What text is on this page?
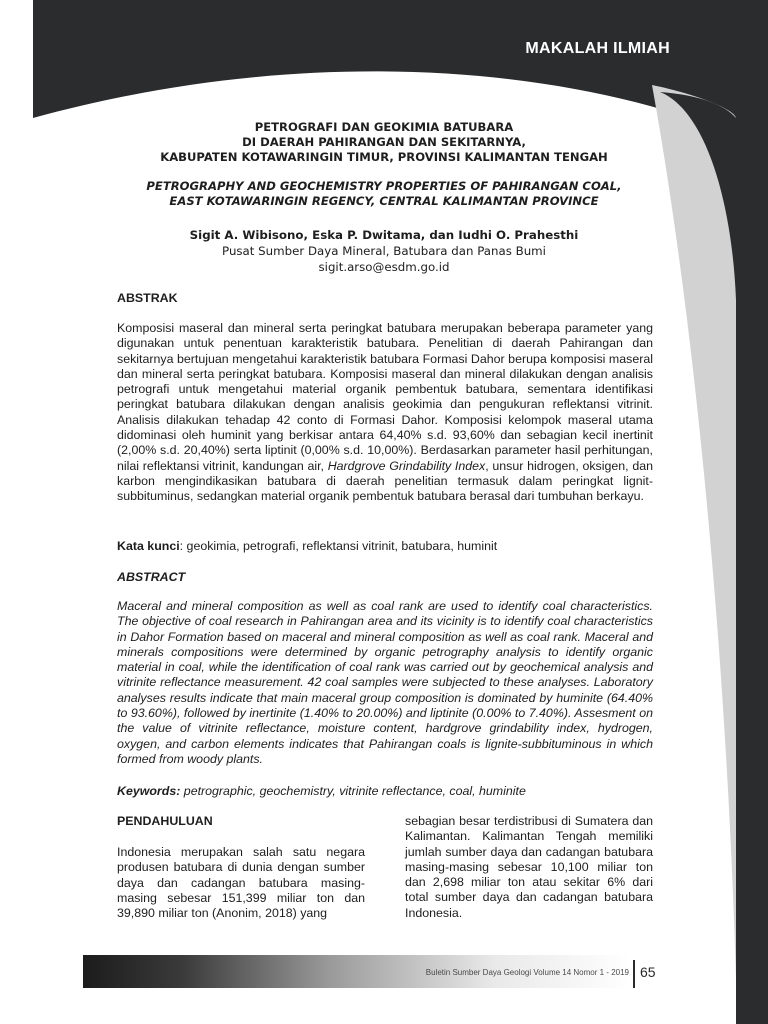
MAKALAH ILMIAH

PETROGRAFI DAN GEOKIMIA BATUBARA
DI DAERAH PAHIRANGAN DAN SEKITARNYA,
KABUPATEN KOTAWARINGIN TIMUR, PROVINSI KALIMANTAN TENGAH

PETROGRAPHY AND GEOCHEMISTRY PROPERTIES OF PAHIRANGAN COAL,
EAST KOTAWARINGIN REGENCY, CENTRAL KALIMANTAN PROVINCE

Sigit A. Wibisono, Eska P. Dwitama, dan Iudhi O. Prahesthi
Pusat Sumber Daya Mineral, Batubara dan Panas Bumi
sigit.arso@esdm.go.id

ABSTRAK

Komposisi maseral dan mineral serta peringkat batubara merupakan beberapa parameter yang digunakan untuk penentuan karakteristik batubara. Penelitian di daerah Pahirangan dan sekitarnya bertujuan mengetahui karakteristik batubara Formasi Dahor berupa komposisi maseral dan mineral serta peringkat batubara. Komposisi maseral dan mineral dilakukan dengan analisis petrografi untuk mengetahui material organik pembentuk batubara, sementara identifikasi peringkat batubara dilakukan dengan analisis geokimia dan pengukuran reflektansi vitrinit. Analisis dilakukan tehadap 42 conto di Formasi Dahor. Komposisi kelompok maseral utama didominasi oleh huminit yang berkisar antara 64,40% s.d. 93,60% dan sebagian kecil inertinit (2,00% s.d. 20,40%) serta liptinit (0,00% s.d. 10,00%). Berdasarkan parameter hasil perhitungan, nilai reflektansi vitrinit, kandungan air, Hardgrove Grindability Index, unsur hidrogen, oksigen, dan karbon mengindikasikan batubara di daerah penelitian termasuk dalam peringkat lignit-subbituminus, sedangkan material organik pembentuk batubara berasal dari tumbuhan berkayu.

Kata kunci: geokimia, petrografi, reflektansi vitrinit, batubara, huminit

ABSTRACT

Maceral and mineral composition as well as coal rank are used to identify coal characteristics. The objective of coal research in Pahirangan area and its vicinity is to identify coal characteristics in Dahor Formation based on maceral and mineral composition as well as coal rank. Maceral and minerals compositions were determined by organic petrography analysis to identify organic material in coal, while the identification of coal rank was carried out by geochemical analysis and vitrinite reflectance measurement. 42 coal samples were subjected to these analyses. Laboratory analyses results indicate that main maceral group composition is dominated by huminite (64.40% to 93.60%), followed by inertinite (1.40% to 20.00%) and liptinite (0.00% to 7.40%). Assesment on the value of vitrinite reflectance, moisture content, hardgrove grindability index, hydrogen, oxygen, and carbon elements indicates that Pahirangan coals is lignite-subbituminous in which formed from woody plants.

Keywords: petrographic, geochemistry, vitrinite reflectance, coal, huminite

PENDAHULUAN

Indonesia merupakan salah satu negara produsen batubara di dunia dengan sumber daya dan cadangan batubara masing-masing sebesar 151,399 miliar ton dan 39,890 miliar ton (Anonim, 2018) yang

sebagian besar terdistribusi di Sumatera dan Kalimantan. Kalimantan Tengah memiliki jumlah sumber daya dan cadangan batubara masing-masing sebesar 10,100 miliar ton dan 2,698 miliar ton atau sekitar 6% dari total sumber daya dan cadangan batubara Indonesia.

Buletin Sumber Daya Geologi Volume 14 Nomor 1 - 2019 65
